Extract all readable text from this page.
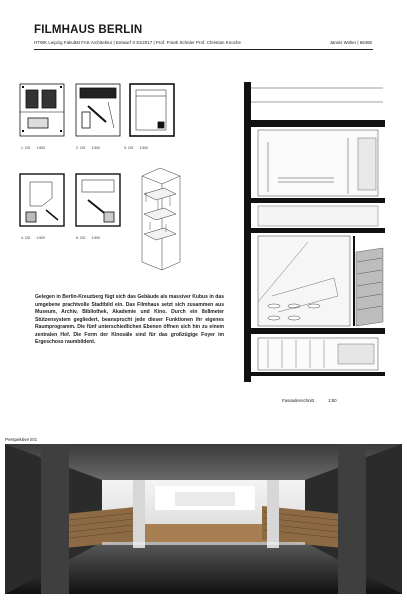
FILMHAUS BERLIN
HTWK Leipzig Fakultät FAS Architektur | Entwurf II SS2017 | Prof. Frank Schüler Prof. Christian Knoche	Jannis Wolter | 66465
1. OG 1:500	2. OG 1:500	3. OG 1:500
4. OG 1:500	5. OG 1:500
Gelegen in Berlin-Kreuzberg fügt sich das Gebäude als massiver Kubus in das umgebene prachtvolle Stadtbild ein. Das Filmhaus setzt sich zusammen aus Museum, Archiv, Bibliothek, Akademie und Kino. Durch ein 8x8meter Stützensystem gegliedert, beansprucht jede dieser Funktionen ihr eigenes Raumprogramm. Die fünf unterschiedlichen Ebenen öffnen sich hin zu einem zentralen Hof. Die Form der Kinosäle sind für das großzügige Foyer im Ergeschoss raumbildent.
Fassadenschnitt	1:50
Perspektive EG
